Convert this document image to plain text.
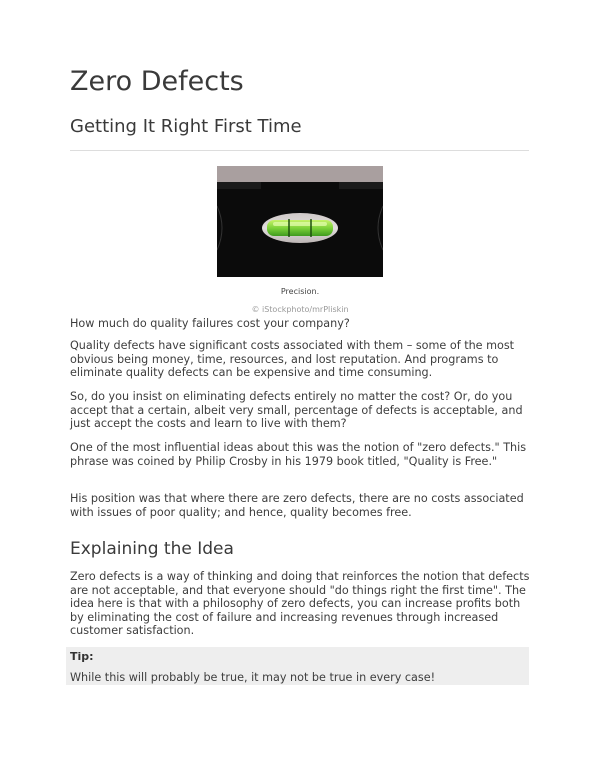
Zero Defects
Getting It Right First Time
Precision.
© iStockphoto/mrPliskin

How much do quality failures cost your company?

Quality defects have significant costs associated with them – some of the most obvious being money, time, resources, and lost reputation. And programs to eliminate quality defects can be expensive and time consuming.

So, do you insist on eliminating defects entirely no matter the cost? Or, do you accept that a certain, albeit very small, percentage of defects is acceptable, and just accept the costs and learn to live with them?

One of the most influential ideas about this was the notion of "zero defects." This phrase was coined by Philip Crosby in his 1979 book titled, "Quality is Free."

His position was that where there are zero defects, there are no costs associated with issues of poor quality; and hence, quality becomes free.

Explaining the Idea

Zero defects is a way of thinking and doing that reinforces the notion that defects are not acceptable, and that everyone should "do things right the first time". The idea here is that with a philosophy of zero defects, you can increase profits both by eliminating the cost of failure and increasing revenues through increased customer satisfaction.

Tip:
While this will probably be true, it may not be true in every case!
